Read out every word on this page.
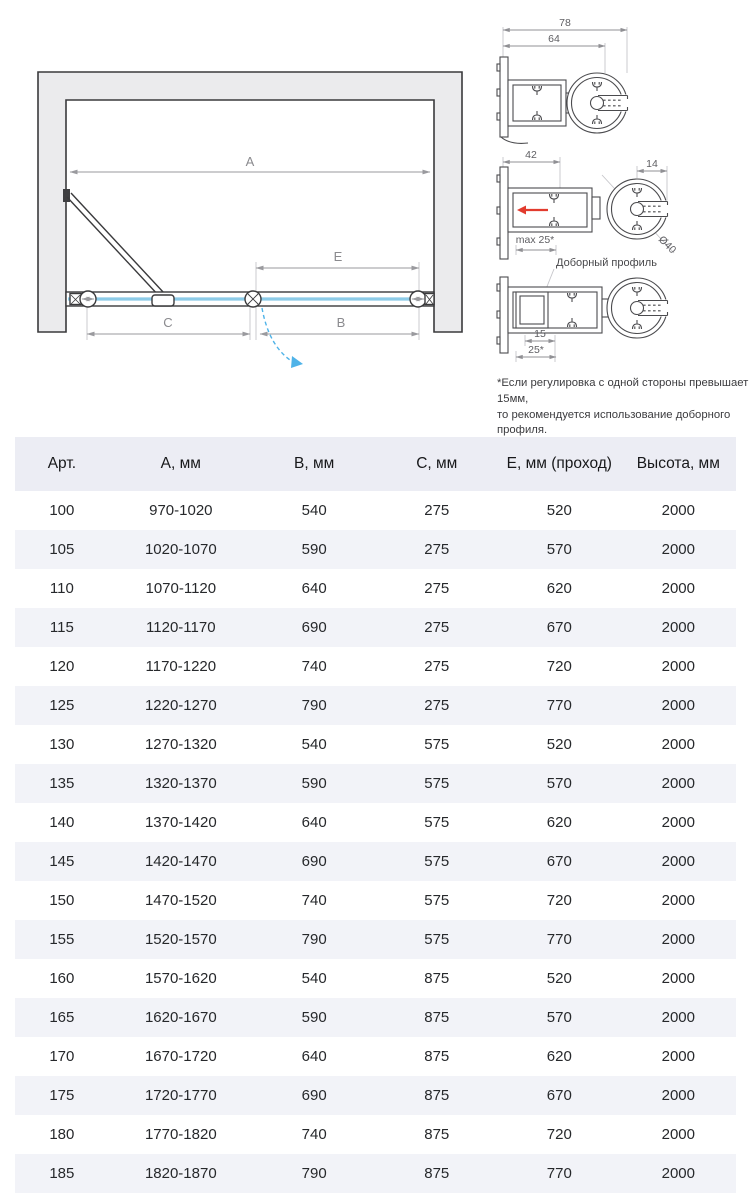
A
E
C	B
78
64
42
14
Ø40
max 25*
Доборный профиль
15
25*
*Если регулировка с одной стороны превышает 15мм,
то рекомендуется использование доборного профиля.
Арт.	А, мм	В, мм	С, мм	Е, мм (проход)	Высота, мм
100	970-1020	540	275	520	2000
105	1020-1070	590	275	570	2000
110	1070-1120	640	275	620	2000
115	1120-1170	690	275	670	2000
120	1170-1220	740	275	720	2000
125	1220-1270	790	275	770	2000
130	1270-1320	540	575	520	2000
135	1320-1370	590	575	570	2000
140	1370-1420	640	575	620	2000
145	1420-1470	690	575	670	2000
150	1470-1520	740	575	720	2000
155	1520-1570	790	575	770	2000
160	1570-1620	540	875	520	2000
165	1620-1670	590	875	570	2000
170	1670-1720	640	875	620	2000
175	1720-1770	690	875	670	2000
180	1770-1820	740	875	720	2000
185	1820-1870	790	875	770	2000
